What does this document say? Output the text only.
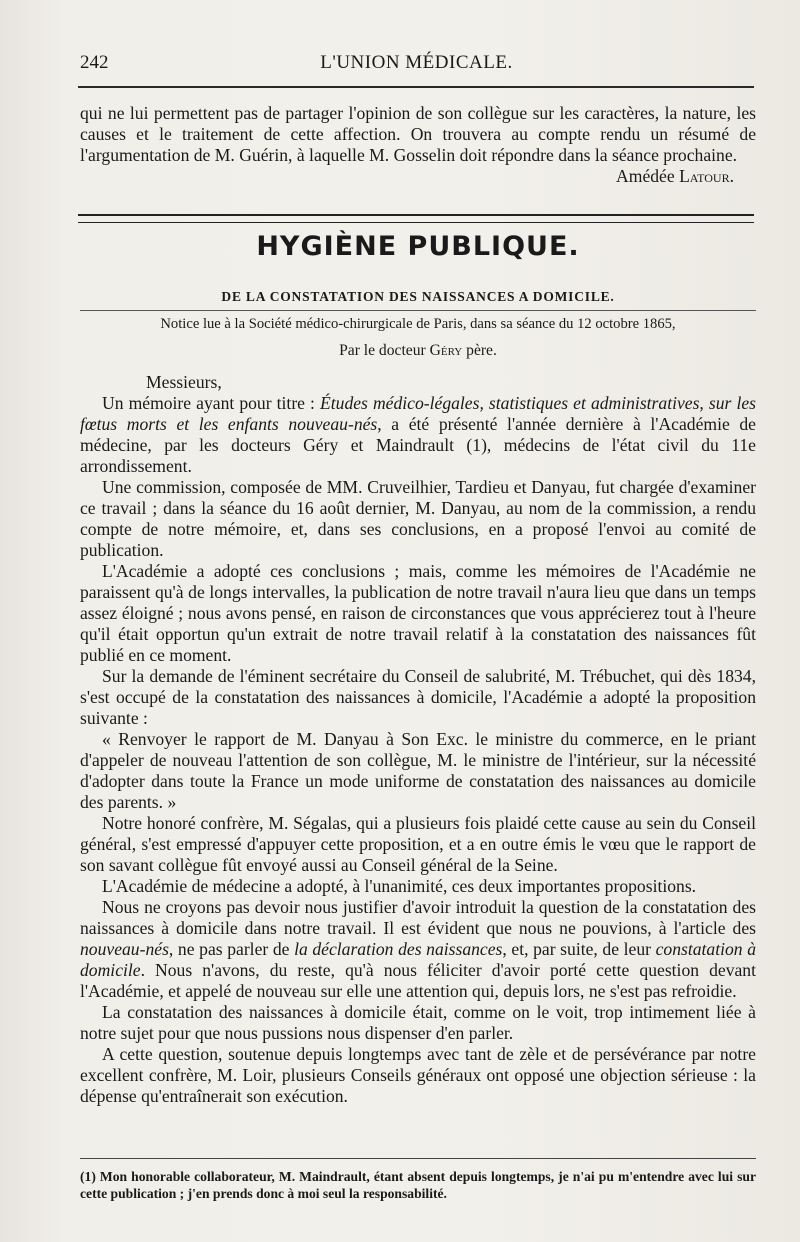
242	L'UNION MÉDICALE.

qui ne lui permettent pas de partager l'opinion de son collègue sur les caractères, la nature, les causes et le traitement de cette affection. On trouvera au compte rendu un résumé de l'argumentation de M. Guérin, à laquelle M. Gosselin doit répondre dans la séance prochaine.

Amédée Latour.

HYGIÈNE PUBLIQUE.
DE LA CONSTATATION DES NAISSANCES A DOMICILE.
Notice lue à la Société médico-chirurgicale de Paris, dans sa séance du 12 octobre 1865,
Par le docteur Géry père.
Messieurs,

Un mémoire ayant pour titre : Études médico-légales, statistiques et administratives, sur les fœtus morts et les enfants nouveau-nés, a été présenté l'année dernière à l'Académie de médecine, par les docteurs Géry et Maindrault (1), médecins de l'état civil du 11e arrondissement.

Une commission, composée de MM. Cruveilhier, Tardieu et Danyau, fut chargée d'examiner ce travail ; dans la séance du 16 août dernier, M. Danyau, au nom de la commission, a rendu compte de notre mémoire, et, dans ses conclusions, en a proposé l'envoi au comité de publication.

L'Académie a adopté ces conclusions ; mais, comme les mémoires de l'Académie ne paraissent qu'à de longs intervalles, la publication de notre travail n'aura lieu que dans un temps assez éloigné ; nous avons pensé, en raison de circonstances que vous apprécierez tout à l'heure qu'il était opportun qu'un extrait de notre travail relatif à la constatation des naissances fût publié en ce moment.

Sur la demande de l'éminent secrétaire du Conseil de salubrité, M. Trébuchet, qui dès 1834, s'est occupé de la constatation des naissances à domicile, l'Académie a adopté la proposition suivante :

« Renvoyer le rapport de M. Danyau à Son Exc. le ministre du commerce, en le priant d'appeler de nouveau l'attention de son collègue, M. le ministre de l'intérieur, sur la nécessité d'adopter dans toute la France un mode uniforme de constatation des naissances au domicile des parents. »

Notre honoré confrère, M. Ségalas, qui a plusieurs fois plaidé cette cause au sein du Conseil général, s'est empressé d'appuyer cette proposition, et a en outre émis le vœu que le rapport de son savant collègue fût envoyé aussi au Conseil général de la Seine.

L'Académie de médecine a adopté, à l'unanimité, ces deux importantes propositions.

Nous ne croyons pas devoir nous justifier d'avoir introduit la question de la constatation des naissances à domicile dans notre travail. Il est évident que nous ne pouvions, à l'article des nouveau-nés, ne pas parler de la déclaration des naissances, et, par suite, de leur constatation à domicile. Nous n'avons, du reste, qu'à nous féliciter d'avoir porté cette question devant l'Académie, et appelé de nouveau sur elle une attention qui, depuis lors, ne s'est pas refroidie.

La constatation des naissances à domicile était, comme on le voit, trop intimement liée à notre sujet pour que nous pussions nous dispenser d'en parler.

A cette question, soutenue depuis longtemps avec tant de zèle et de persévérance par notre excellent confrère, M. Loir, plusieurs Conseils généraux ont opposé une objection sérieuse : la dépense qu'entraînerait son exécution.

(1) Mon honorable collaborateur, M. Maindrault, étant absent depuis longtemps, je n'ai pu m'entendre avec lui sur cette publication ; j'en prends donc à moi seul la responsabilité.
